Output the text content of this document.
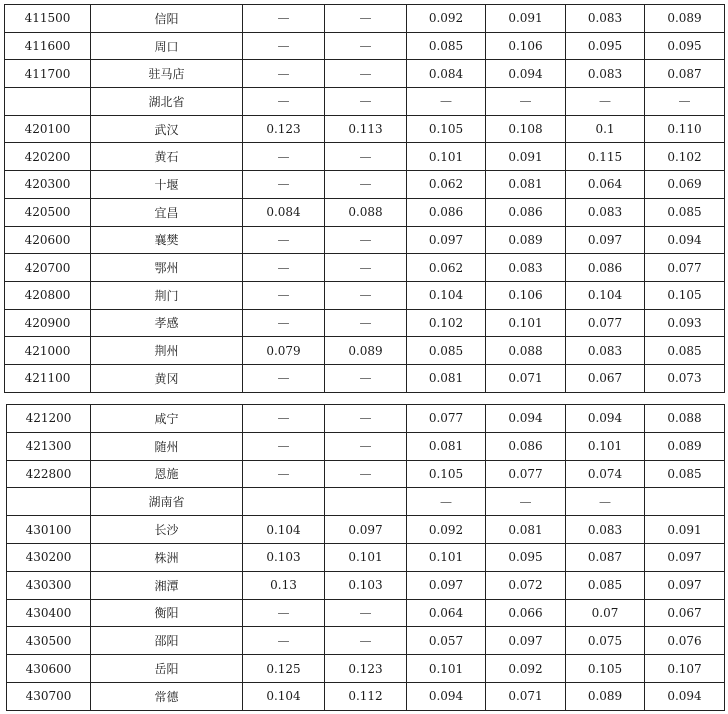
411500	信阳	—	—	0.092	0.091	0.083	0.089
411600	周口	—	—	0.085	0.106	0.095	0.095
411700	驻马店	—	—	0.084	0.094	0.083	0.087
	湖北省	—	—	—	—	—	—
420100	武汉	0.123	0.113	0.105	0.108	0.1	0.110
420200	黄石	—	—	0.101	0.091	0.115	0.102
420300	十堰	—	—	0.062	0.081	0.064	0.069
420500	宜昌	0.084	0.088	0.086	0.086	0.083	0.085
420600	襄樊	—	—	0.097	0.089	0.097	0.094
420700	鄂州	—	—	0.062	0.083	0.086	0.077
420800	荆门	—	—	0.104	0.106	0.104	0.105
420900	孝感	—	—	0.102	0.101	0.077	0.093
421000	荆州	0.079	0.089	0.085	0.088	0.083	0.085
421100	黄冈	—	—	0.081	0.071	0.067	0.073
421200	咸宁	—	—	0.077	0.094	0.094	0.088
421300	随州	—	—	0.081	0.086	0.101	0.089
422800	恩施	—	—	0.105	0.077	0.074	0.085
	湖南省			—	—	—	
430100	长沙	0.104	0.097	0.092	0.081	0.083	0.091
430200	株洲	0.103	0.101	0.101	0.095	0.087	0.097
430300	湘潭	0.13	0.103	0.097	0.072	0.085	0.097
430400	衡阳	—	—	0.064	0.066	0.07	0.067
430500	邵阳	—	—	0.057	0.097	0.075	0.076
430600	岳阳	0.125	0.123	0.101	0.092	0.105	0.107
430700	常德	0.104	0.112	0.094	0.071	0.089	0.094
